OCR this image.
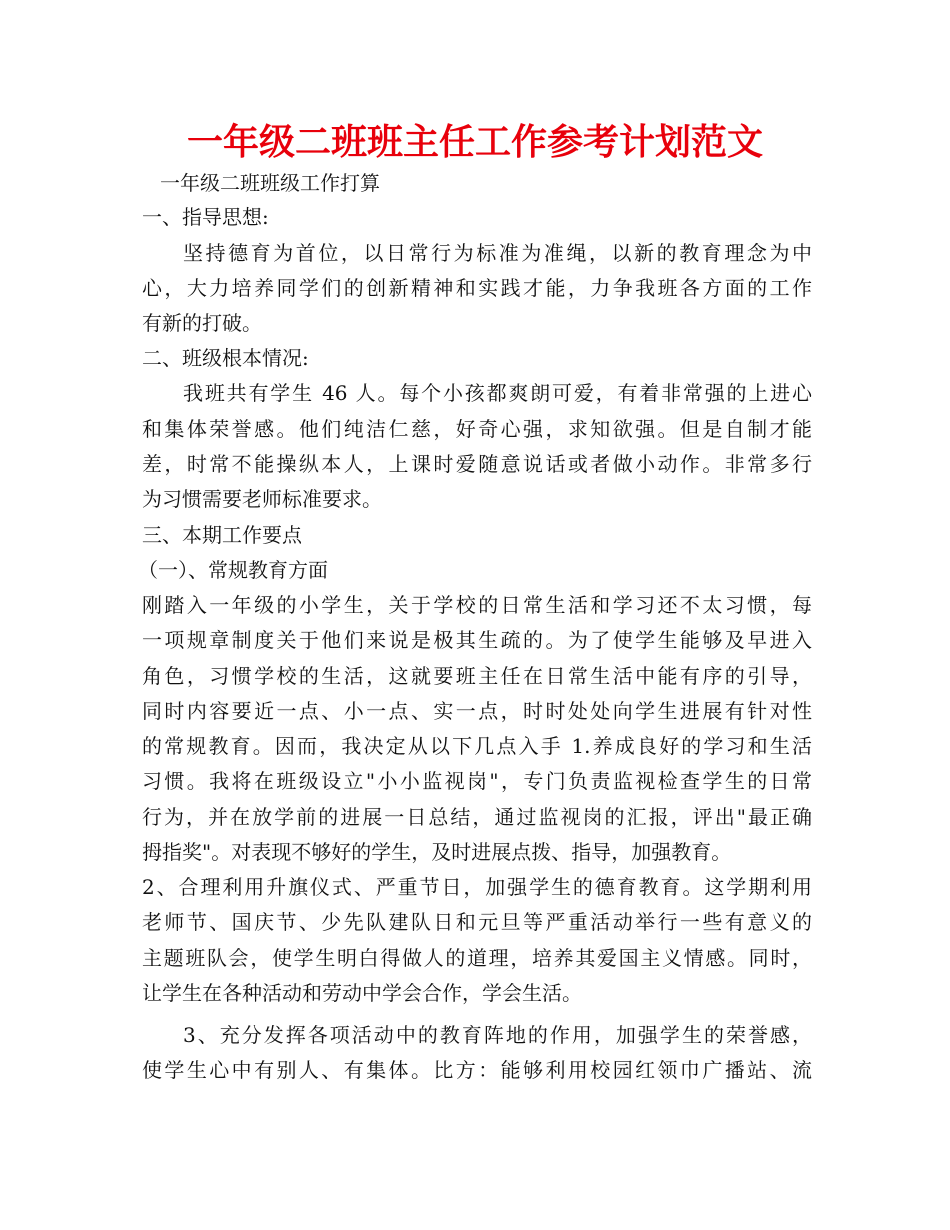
一年级二班班主任工作参考计划范文
一年级二班班级工作打算
一、指导思想:
坚持德育为首位，以日常行为标准为准绳，以新的教育理念为中
心，大力培养同学们的创新精神和实践才能，力争我班各方面的工作
有新的打破。
二、班级根本情况:
我班共有学生 46 人。每个小孩都爽朗可爱，有着非常强的上进心
和集体荣誉感。他们纯洁仁慈，好奇心强，求知欲强。但是自制才能
差，时常不能操纵本人，上课时爱随意说话或者做小动作。非常多行
为习惯需要老师标准要求。
三、本期工作要点
（一）、常规教育方面
刚踏入一年级的小学生，关于学校的日常生活和学习还不太习惯，每
一项规章制度关于他们来说是极其生疏的。为了使学生能够及早进入
角色，习惯学校的生活，这就要班主任在日常生活中能有序的引导，
同时内容要近一点、小一点、实一点，时时处处向学生进展有针对性
的常规教育。因而，我决定从以下几点入手 1.养成良好的学习和生活
习惯。我将在班级设立"小小监视岗"，专门负责监视检查学生的日常
行为，并在放学前的进展一日总结，通过监视岗的汇报，评出"最正确
拇指奖"。对表现不够好的学生，及时进展点拨、指导，加强教育。
2、合理利用升旗仪式、严重节日，加强学生的德育教育。这学期利用
老师节、国庆节、少先队建队日和元旦等严重活动举行一些有意义的
主题班队会，使学生明白得做人的道理，培养其爱国主义情感。同时，
让学生在各种活动和劳动中学会合作，学会生活。
3、充分发挥各项活动中的教育阵地的作用，加强学生的荣誉感，
使学生心中有别人、有集体。比方：能够利用校园红领巾广播站、流
